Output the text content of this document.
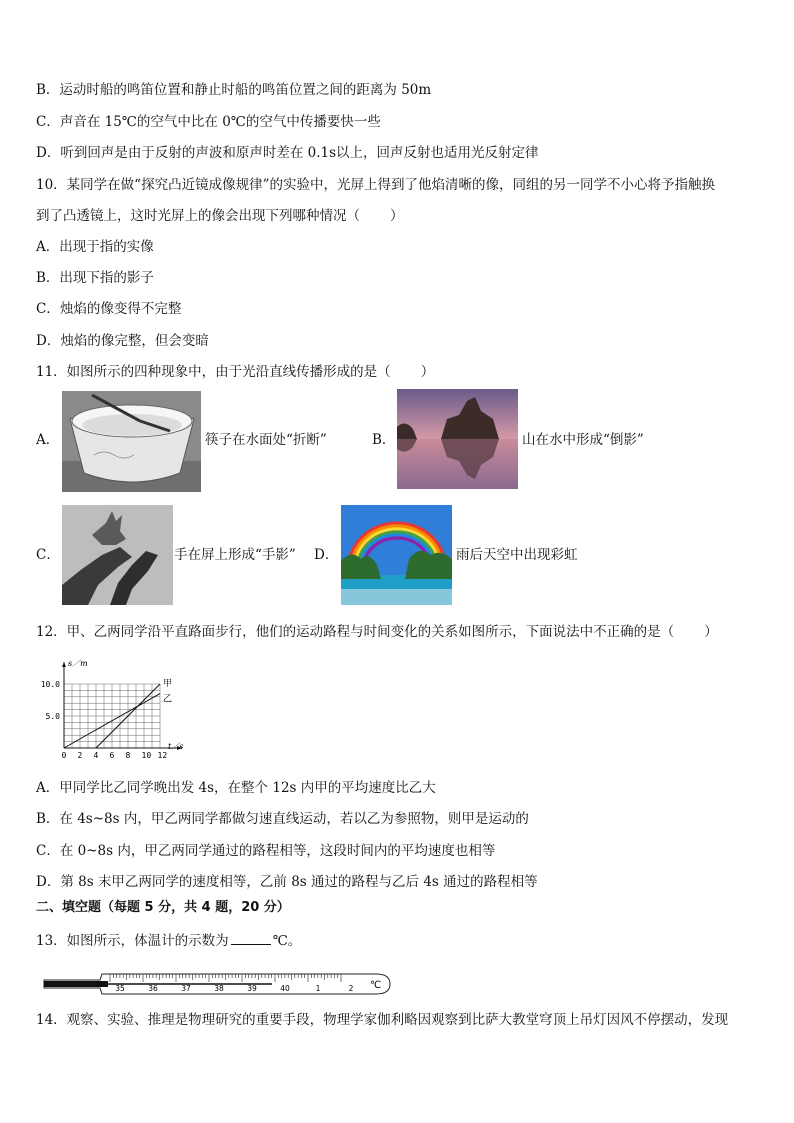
B．运动时船的鸣笛位置和静止时船的鸣笛位置之间的距离为 50m
C．声音在 15℃的空气中比在 0℃的空气中传播要快一些
D．听到回声是由于反射的声波和原声时差在 0.1s以上，回声反射也适用光反射定律
10．某同学在做“探究凸近镜成像规律”的实验中，光屏上得到了他焰清晰的像，同组的另一同学不小心将予指触换
到了凸透镜上，这时光屏上的像会出现下列哪种情况（ ）
A．出现于指的实像
B．出现下指的影子
C．烛焰的像变得不完整
D．烛焰的像完整，但会变暗
11．如图所示的四种现象中，由于光沿直线传播形成的是（ ）
A．	筷子在水面处“折断”	B．	山在水中形成“倒影”
C．	手在屏上形成“手影” D．	雨后天空中出现彩虹
12．甲、乙两同学沿平直路面步行，他们的运动路程与时间变化的关系如图所示，下面说法中不正确的是（ ）
甲
乙
0 2 4 6 8 10 12
5.0
10.0
t／s
s／m
A．甲同学比乙同学晚出发 4s，在整个 12s 内甲的平均速度比乙大
B．在 4s~8s 内，甲乙两同学都做匀速直线运动，若以乙为参照物，则甲是运动的
C．在 0~8s 内，甲乙两同学通过的路程相等，这段时间内的平均速度也相等
D．第 8s 末甲乙两同学的速度相等，乙前 8s 通过的路程与乙后 4s 通过的路程相等
二、填空题（每题 5 分，共 4 题，20 分）
13．如图所示，体温计的示数为	℃。
35	36	37	38	39	40	1	2 ℃
14．观察、实验、推理是物理研究的重要手段，物理学家伽利略因观察到比萨大教堂穹顶上吊灯因风不停摆动，发现
